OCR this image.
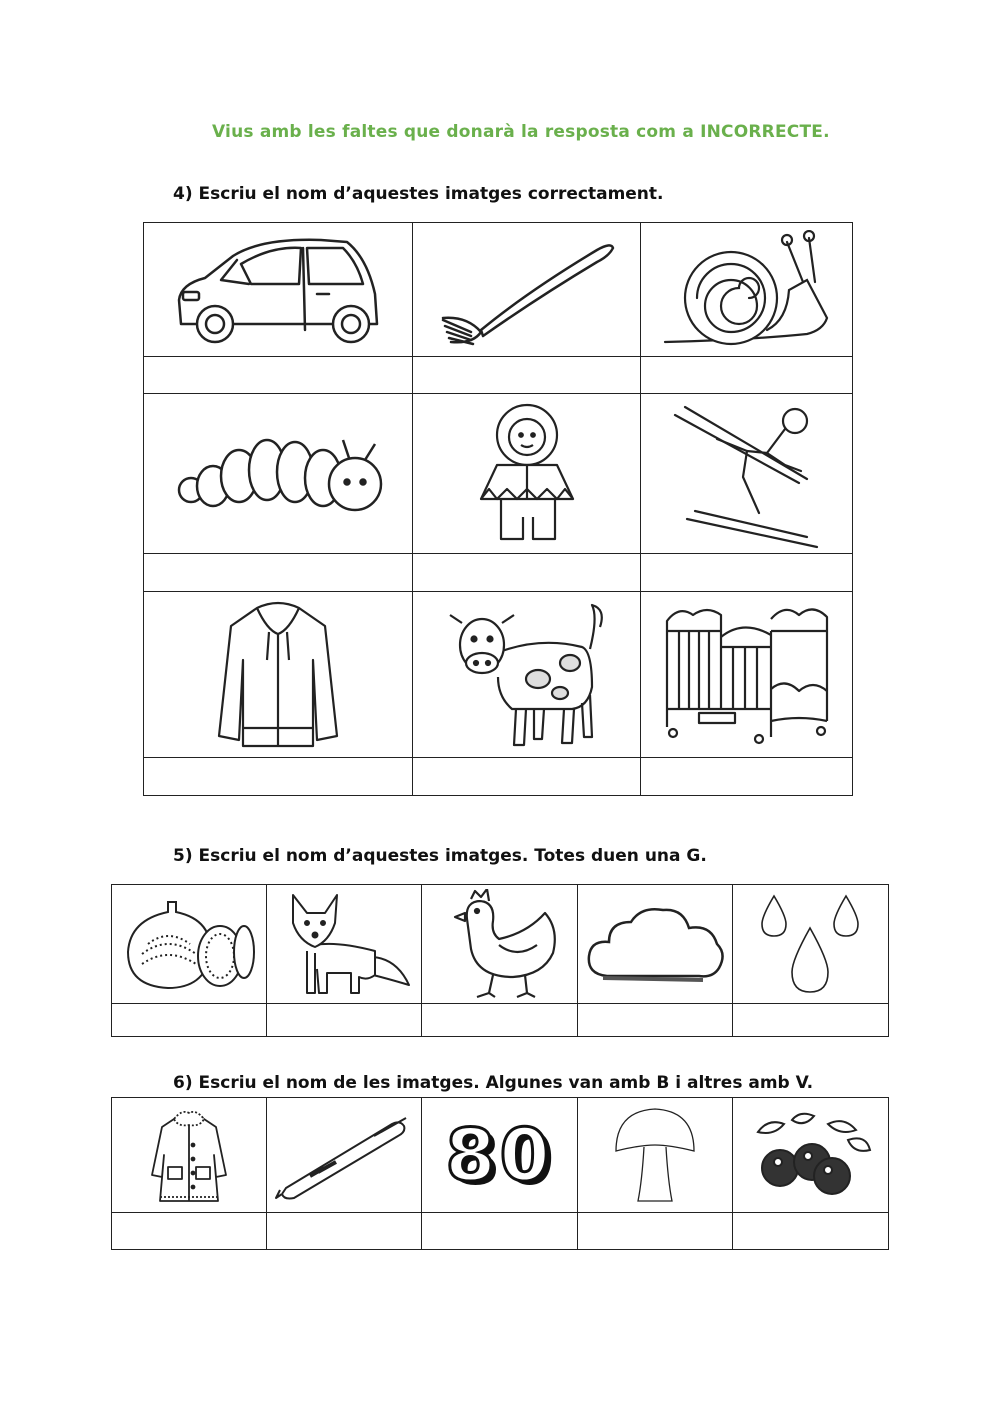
Vius amb les faltes que donarà la resposta com a INCORRECTE.
4) Escriu el nom d’aquestes imatges correctament.

5) Escriu el nom d’aquestes imatges. Totes duen una G.

6) Escriu el nom de les imatges. Algunes van amb B i altres amb V.

80
